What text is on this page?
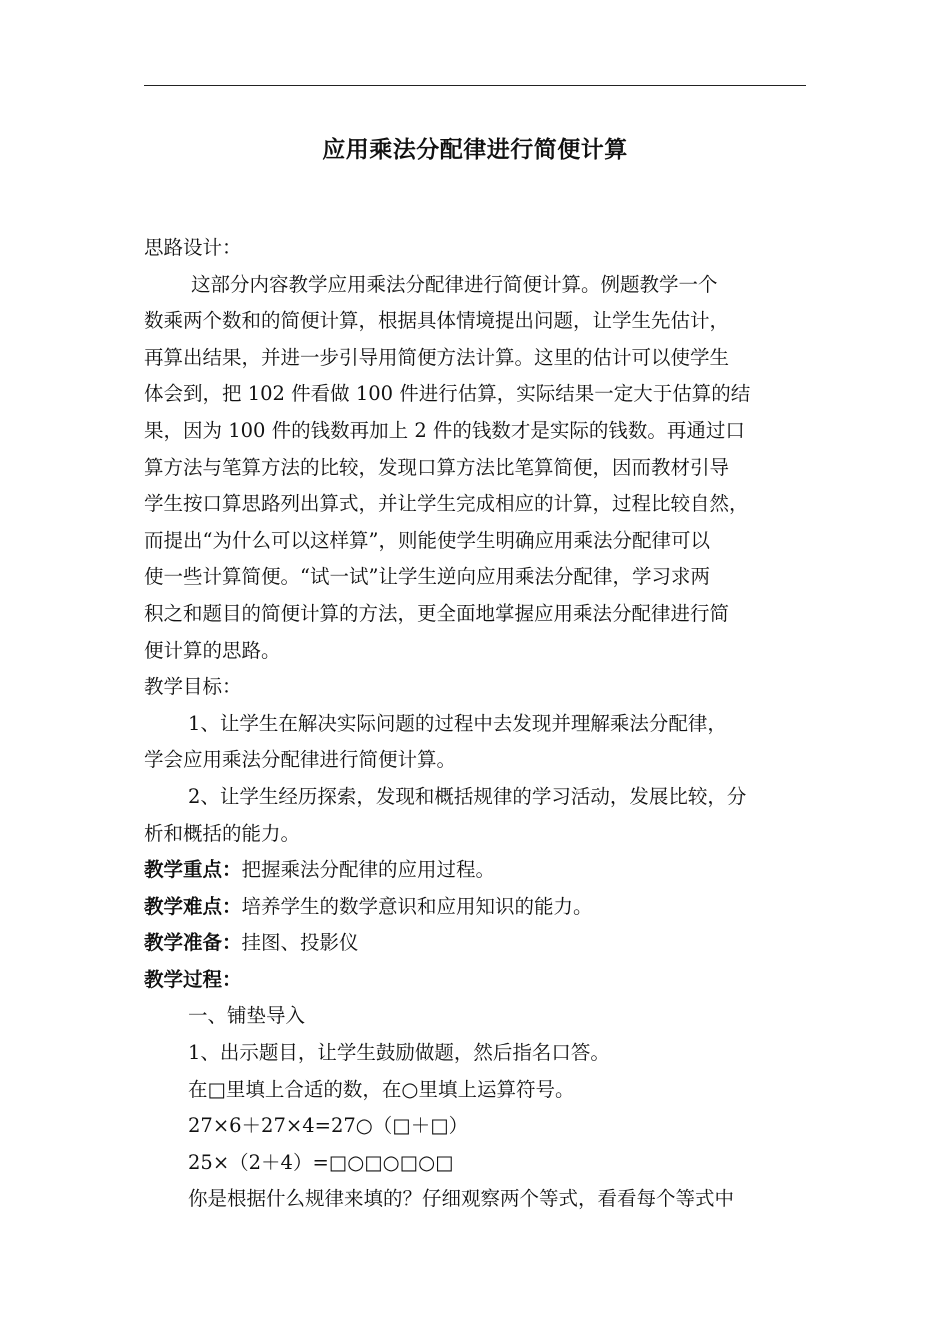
应用乘法分配律进行简便计算
思路设计：
这部分内容教学应用乘法分配律进行简便计算。例题教学一个
数乘两个数和的简便计算，根据具体情境提出问题，让学生先估计，
再算出结果，并进一步引导用简便方法计算。这里的估计可以使学生
体会到，把 102 件看做 100 件进行估算，实际结果一定大于估算的结
果，因为 100 件的钱数再加上 2 件的钱数才是实际的钱数。再通过口
算方法与笔算方法的比较，发现口算方法比笔算简便，因而教材引导
学生按口算思路列出算式，并让学生完成相应的计算，过程比较自然，
而提出“为什么可以这样算”，则能使学生明确应用乘法分配律可以
使一些计算简便。“试一试”让学生逆向应用乘法分配律，学习求两
积之和题目的简便计算的方法，更全面地掌握应用乘法分配律进行简
便计算的思路。
教学目标：
1、让学生在解决实际问题的过程中去发现并理解乘法分配律，
学会应用乘法分配律进行简便计算。
2、让学生经历探索，发现和概括规律的学习活动，发展比较，分
析和概括的能力。
教学重点：把握乘法分配律的应用过程。
教学难点：培养学生的数学意识和应用知识的能力。
教学准备：挂图、投影仪
教学过程：
一、铺垫导入
1、出示题目，让学生鼓励做题，然后指名口答。
在□里填上合适的数，在○里填上运算符号。
27×6＋27×4=27○（□＋□）
25×（2＋4）=□○□○□○□
你是根据什么规律来填的？仔细观察两个等式，看看每个等式中
